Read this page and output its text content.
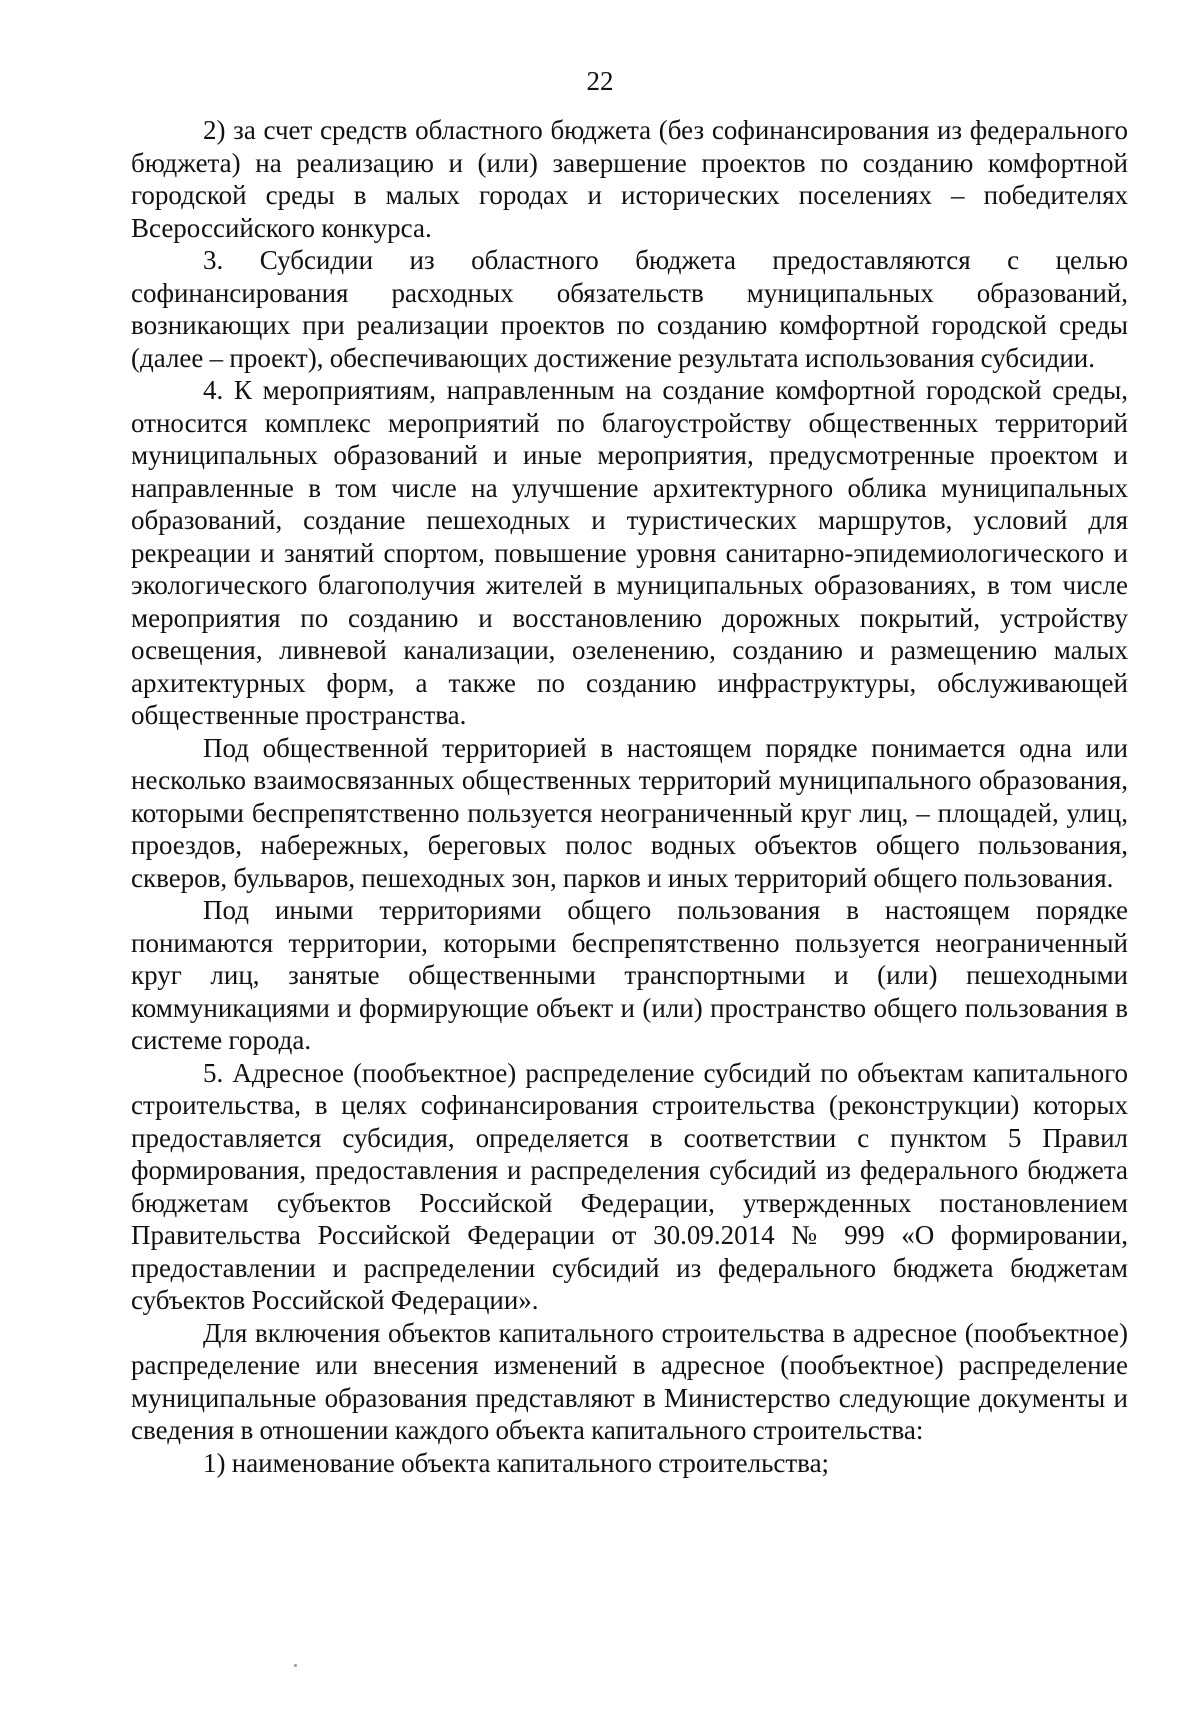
22

2) за счет средств областного бюджета (без софинансирования из федерального бюджета) на реализацию и (или) завершение проектов по созданию комфортной городской среды в малых городах и исторических поселениях – победителях Всероссийского конкурса.

3. Субсидии из областного бюджета предоставляются с целью софинансирования расходных обязательств муниципальных образований, возникающих при реализации проектов по созданию комфортной городской среды (далее – проект), обеспечивающих достижение результата использования субсидии.

4. К мероприятиям, направленным на создание комфортной городской среды, относится комплекс мероприятий по благоустройству общественных территорий муниципальных образований и иные мероприятия, предусмотренные проектом и направленные в том числе на улучшение архитектурного облика муниципальных образований, создание пешеходных и туристических маршрутов, условий для рекреации и занятий спортом, повышение уровня санитарно-эпидемиологического и экологического благополучия жителей в муниципальных образованиях, в том числе мероприятия по созданию и восстановлению дорожных покрытий, устройству освещения, ливневой канализации, озеленению, созданию и размещению малых архитектурных форм, а также по созданию инфраструктуры, обслуживающей общественные пространства.

Под общественной территорией в настоящем порядке понимается одна или несколько взаимосвязанных общественных территорий муниципального образования, которыми беспрепятственно пользуется неограниченный круг лиц, – площадей, улиц, проездов, набережных, береговых полос водных объектов общего пользования, скверов, бульваров, пешеходных зон, парков и иных территорий общего пользования.

Под иными территориями общего пользования в настоящем порядке понимаются территории, которыми беспрепятственно пользуется неограниченный круг лиц, занятые общественными транспортными и (или) пешеходными коммуникациями и формирующие объект и (или) пространство общего пользования в системе города.

5. Адресное (пообъектное) распределение субсидий по объектам капитального строительства, в целях софинансирования строительства (реконструкции) которых предоставляется субсидия, определяется в соответствии с пунктом 5 Правил формирования, предоставления и распределения субсидий из федерального бюджета бюджетам субъектов Российской Федерации, утвержденных постановлением Правительства Российской Федерации от 30.09.2014 № 999 «О формировании, предоставлении и распределении субсидий из федерального бюджета бюджетам субъектов Российской Федерации».

Для включения объектов капитального строительства в адресное (пообъектное) распределение или внесения изменений в адресное (пообъектное) распределение муниципальные образования представляют в Министерство следующие документы и сведения в отношении каждого объекта капитального строительства:

1) наименование объекта капитального строительства;
